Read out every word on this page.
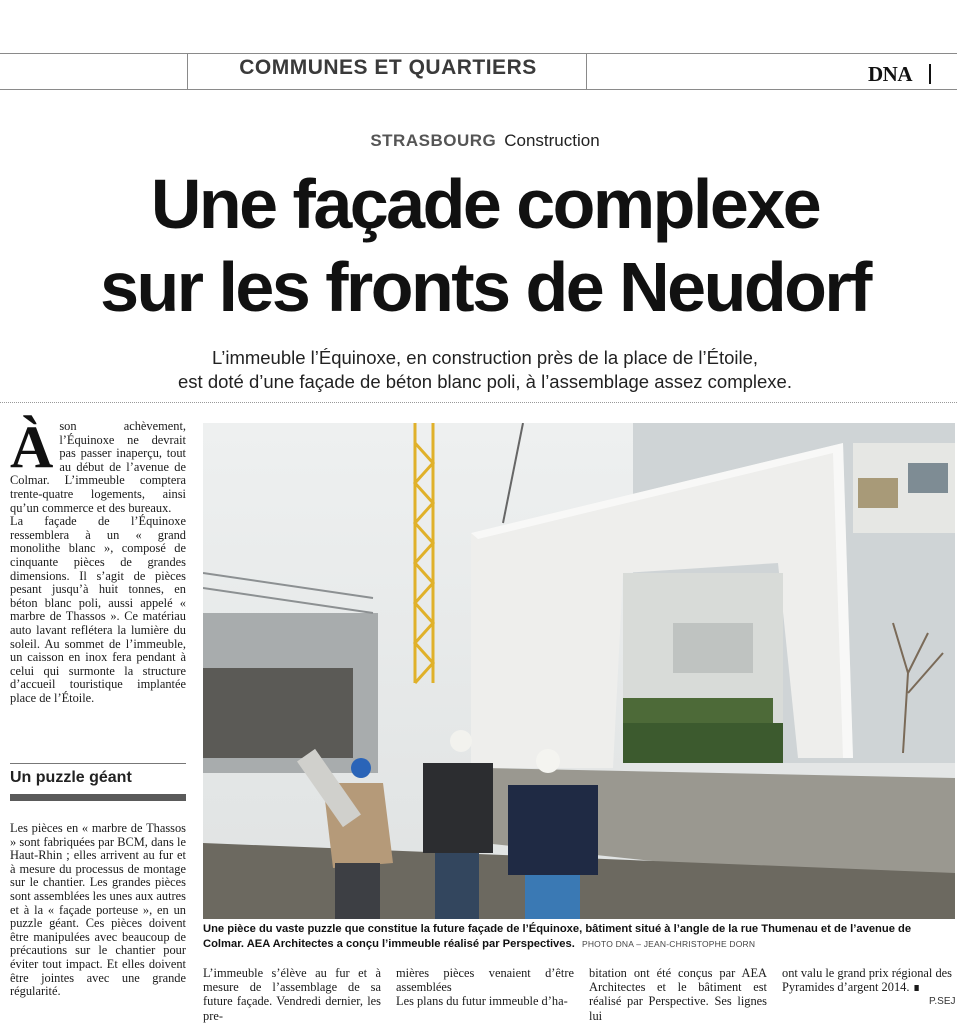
COMMUNES ET QUARTIERS	DNA
STRASBOURG Construction
Une façade complexe
sur les fronts de Neudorf
L’immeuble l’Équinoxe, en construction près de la place de l’Étoile,
est doté d’une façade de béton blanc poli, à l’assemblage assez complexe.
À son achèvement, l’Équinoxe ne devrait pas passer inaperçu, tout au début de l’avenue de Colmar. L’immeuble comptera trente-quatre logements, ainsi qu’un commerce et des bureaux.

La façade de l’Équinoxe ressemblera à un « grand monolithe blanc », composé de cinquante pièces de grandes dimensions. Il s’agit de pièces pesant jusqu’à huit tonnes, en béton blanc poli, aussi appelé « marbre de Thassos ». Ce matériau auto lavant reflétera la lumière du soleil. Au sommet de l’immeuble, un caisson en inox fera pendant à celui qui surmonte la structure d’accueil touristique implantée place de l’Étoile.

Un puzzle géant

Les pièces en « marbre de Thassos » sont fabriquées par BCM, dans le Haut-Rhin ; elles arrivent au fur et à mesure du processus de montage sur le chantier. Les grandes pièces sont assemblées les unes aux autres et à la « façade porteuse », en un puzzle géant. Ces pièces doivent être manipulées avec beaucoup de précautions sur le chantier pour éviter tout impact. Et elles doivent être jointes avec une grande régularité.

Une pièce du vaste puzzle que constitue la future façade de l’Équinoxe, bâtiment situé à l’angle de la rue Thumenau et de l’avenue de Colmar. AEA Architectes a conçu l’immeuble réalisé par Perspectives. PHOTO DNA – JEAN-CHRISTOPHE DORN
L’immeuble s’élève au fur et à mesure de l’assemblage de sa future façade. Vendredi dernier, les pre-
mières pièces venaient d’être assemblées
Les plans du futur immeuble d’ha-
bitation ont été conçus par AEA Architectes et le bâtiment est réalisé par Perspective. Ses lignes lui
ont valu le grand prix régional des Pyramides d’argent 2014. ∎
P.SEJ
